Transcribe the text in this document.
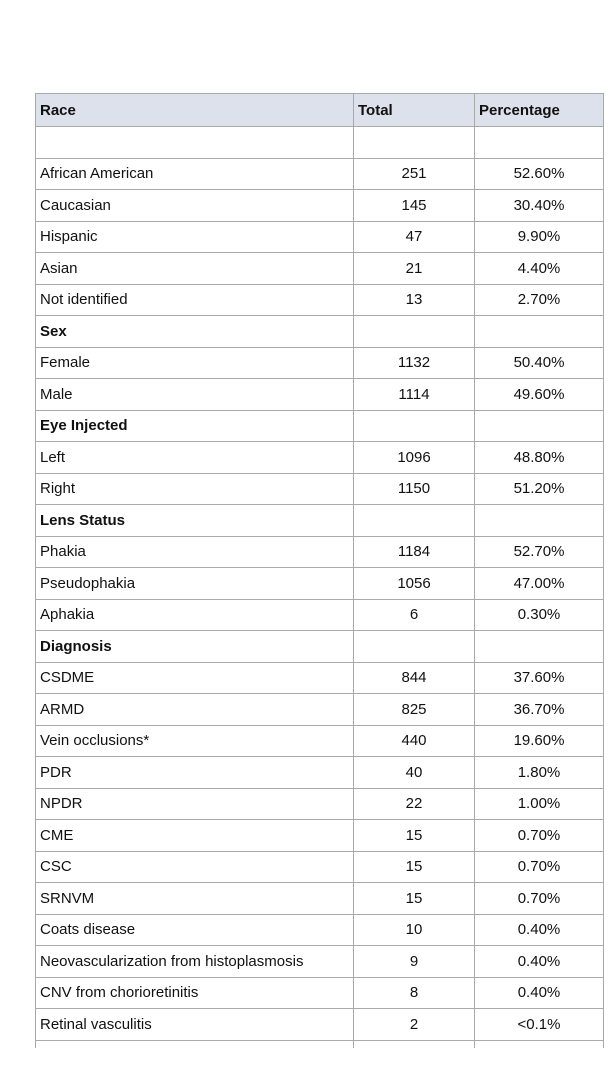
Race	Total	Percentage

African American	251	52.60%
Caucasian	145	30.40%
Hispanic	47	9.90%
Asian	21	4.40%
Not identified	13	2.70%
Sex		
Female	1132	50.40%
Male	1114	49.60%
Eye Injected		
Left	1096	48.80%
Right	1150	51.20%
Lens Status		
Phakia	1184	52.70%
Pseudophakia	1056	47.00%
Aphakia	6	0.30%
Diagnosis		
CSDME	844	37.60%
ARMD	825	36.70%
Vein occlusions*	440	19.60%
PDR	40	1.80%
NPDR	22	1.00%
CME	15	0.70%
CSC	15	0.70%
SRNVM	15	0.70%
Coats disease	10	0.40%
Neovascularization from histoplasmosis	9	0.40%
CNV from chorioretinitis	8	0.40%
Retinal vasculitis	2	<0.1%
